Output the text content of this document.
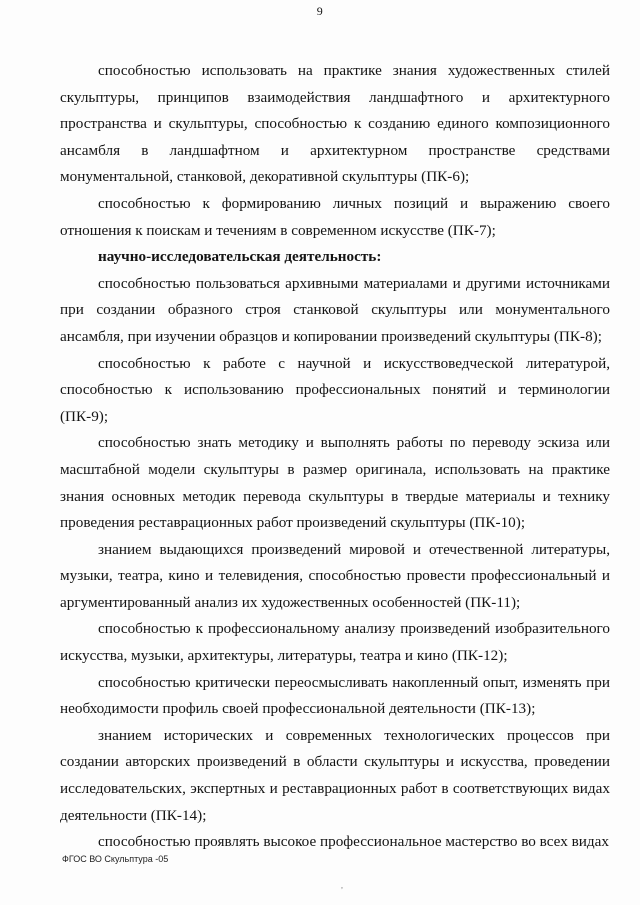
9

способностью использовать на практике знания художественных стилей скульптуры, принципов взаимодействия ландшафтного и архитектурного пространства и скульптуры, способностью к созданию единого композиционного ансамбля в ландшафтном и архитектурном пространстве средствами монументальной, станковой, декоративной скульптуры (ПК-6);

способностью к формированию личных позиций и выражению своего отношения к поискам и течениям в современном искусстве (ПК-7);

научно-исследовательская деятельность:

способностью пользоваться архивными материалами и другими источниками при создании образного строя станковой скульптуры или монументального ансамбля, при изучении образцов и копировании произведений скульптуры (ПК-8);

способностью к работе с научной и искусствоведческой литературой, способностью к использованию профессиональных понятий и терминологии (ПК-9);

способностью знать методику и выполнять работы по переводу эскиза или масштабной модели скульптуры в размер оригинала, использовать на практике знания основных методик перевода скульптуры в твердые материалы и технику проведения реставрационных работ произведений скульптуры (ПК-10);

знанием выдающихся произведений мировой и отечественной литературы, музыки, театра, кино и телевидения, способностью провести профессиональный и аргументированный анализ их художественных особенностей (ПК-11);

способностью к профессиональному анализу произведений изобразительного искусства, музыки, архитектуры, литературы, театра и кино (ПК-12);

способностью критически переосмысливать накопленный опыт, изменять при необходимости профиль своей профессиональной деятельности (ПК-13);

знанием исторических и современных технологических процессов при создании авторских произведений в области скульптуры и искусства, проведении исследовательских, экспертных и реставрационных работ в соответствующих видах деятельности (ПК-14);

способностью проявлять высокое профессиональное мастерство во всех видах

ФГОС ВО Скульптура -05
,
